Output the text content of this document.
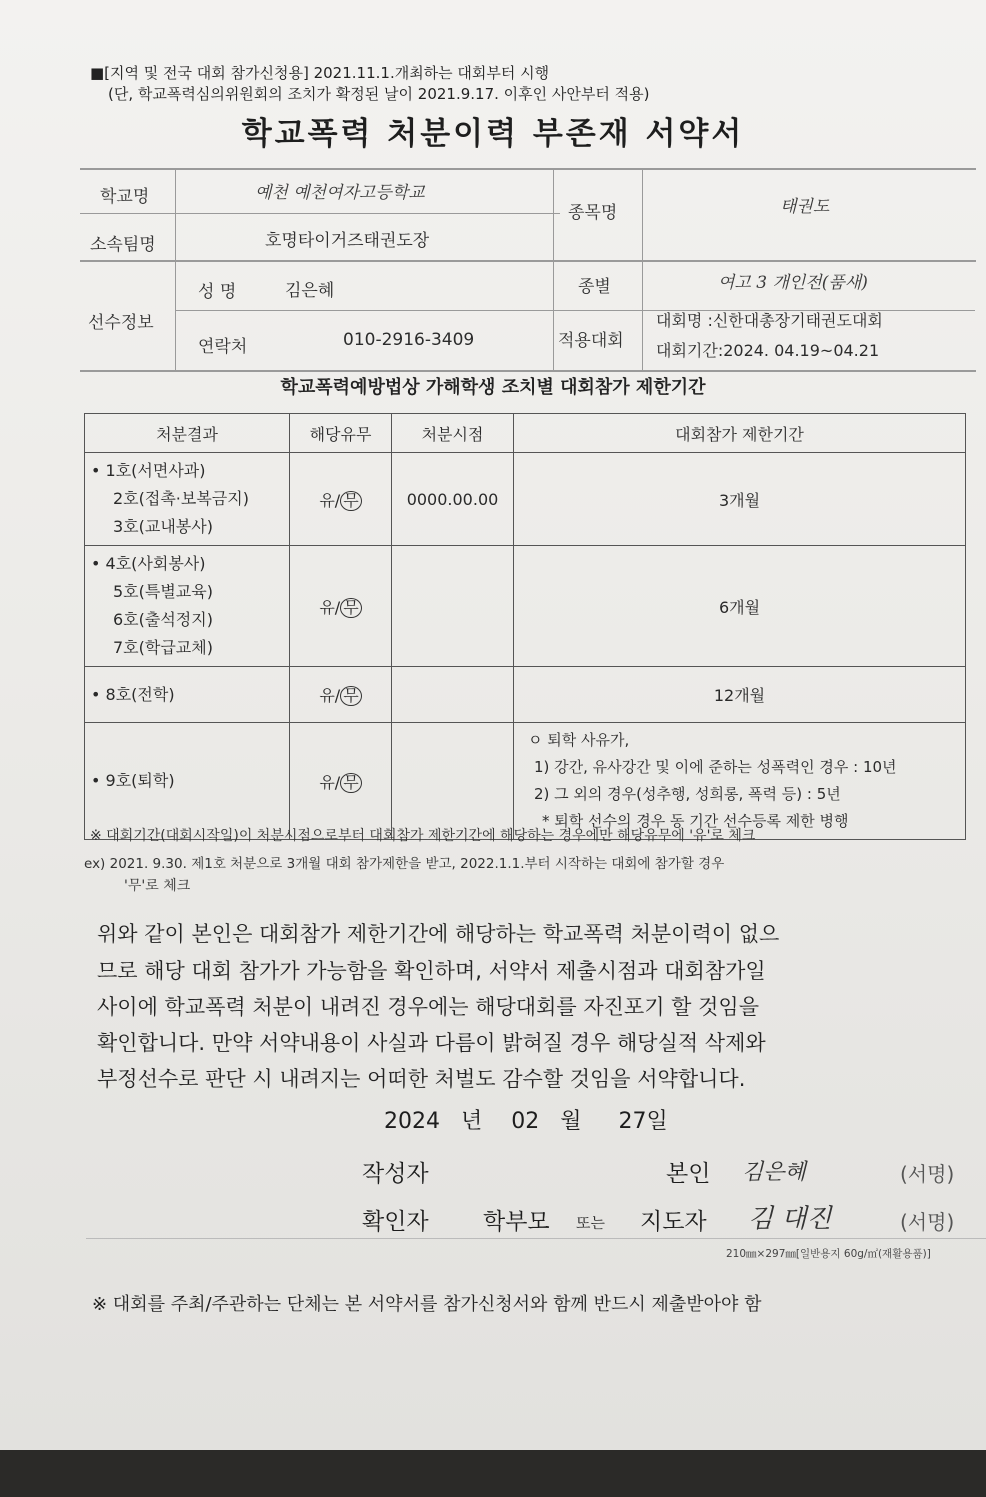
■[지역 및 전국 대회 참가신청용] 2021.11.1.개최하는 대회부터 시행
(단, 학교폭력심의위원회의 조치가 확정된 날이 2021.9.17. 이후인 사안부터 적용)
학교폭력 처분이력 부존재 서약서
학교명	예천 예천여자고등학교
소속팀명	호명타이거즈태권도장
종목명	태권도
선수정보
성 명	김은혜
연락처	010-2916-3409
종별	여고 3 개인전(품새)
적용대회
대회명 :신한대총장기태권도대회
대회기간:2024. 04.19~04.21
학교폭력예방법상 가해학생 조치별 대회참가 제한기간
처분결과	해당유무	처분시점	대회참가 제한기간

• 1호(서면사과)
2호(접촉·보복금지)
3호(교내봉사)	유/ 무	0000.00.00	3개월

• 4호(사회봉사)
5호(특별교육)
6호(출석정지)
7호(학급교체)	유/ 무		6개월

• 8호(전학)	유/ 무		12개월

• 9호(퇴학)	유/ 무		ㅇ 퇴학 사유가,
1) 강간, 유사강간 및 이에 준하는 성폭력인 경우 : 10년
2) 그 외의 경우(성추행, 성희롱, 폭력 등) : 5년
* 퇴학 선수의 경우 동 기간 선수등록 제한 병행
※ 대회기간(대회시작일)이 처분시점으로부터 대회참가 제한기간에 해당하는 경우에만 해당유무에 '유'로 체크
ex) 2021. 9.30. 제1호 처분으로 3개월 대회 참가제한을 받고, 2022.1.1.부터 시작하는 대회에 참가할 경우
'무'로 체크
위와 같이 본인은 대회참가 제한기간에 해당하는 학교폭력 처분이력이 없으
므로 해당 대회 참가가 가능함을 확인하며, 서약서 제출시점과 대회참가일
사이에 학교폭력 처분이 내려진 경우에는 해당대회를 자진포기 할 것임을
확인합니다. 만약 서약내용이 사실과 다름이 밝혀질 경우 해당실적 삭제와
부정선수로 판단 시 내려지는 어떠한 처벌도 감수할 것임을 서약합니다.
2024 년 02 월 27일
작성자	본인 김은혜	(서명)
확인자 학부모 또는 지도자 김 대진	(서명)
210㎜×297㎜[일반용지 60g/㎡(재활용품)]
※ 대회를 주최/주관하는 단체는 본 서약서를 참가신청서와 함께 반드시 제출받아야 함
